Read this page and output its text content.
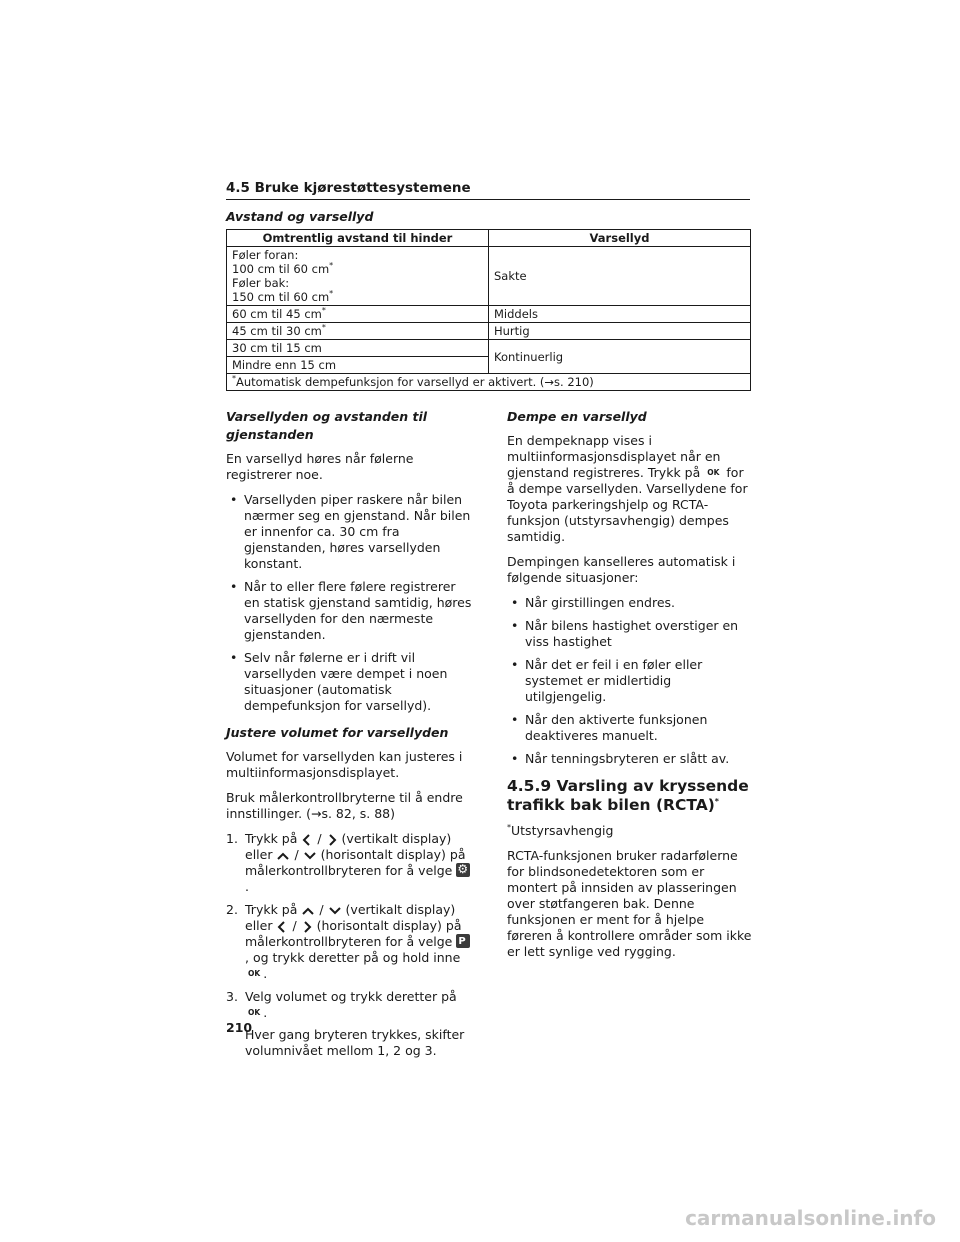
4.5 Bruke kjørestøttesystemene
Avstand og varsellyd
Omtrentlig avstand til hinder	Varsellyd
Føler foran:
100 cm til 60 cm*
Føler bak:
150 cm til 60 cm*	Sakte
60 cm til 45 cm*	Middels
45 cm til 30 cm*	Hurtig
30 cm til 15 cm	Kontinuerlig
Mindre enn 15 cm	
*Automatisk dempefunksjon for varsellyd er aktivert. (→s. 210)	
Varsellyden og avstanden til
gjenstanden

En varsellyd høres når følerne registrerer noe.

• Varsellyden piper raskere når bilen nærmer seg en gjenstand. Når bilen er innenfor ca. 30 cm fra gjenstanden, høres varsellyden konstant.
• Når to eller flere følere registrerer en statisk gjenstand samtidig, høres varsellyden for den nærmeste gjenstanden.
• Selv når følerne er i drift vil varsellyden være dempet i noen situasjoner (automatisk dempefunksjon for varsellyd).
Justere volumet for varsellyden

Volumet for varsellyden kan justeres i multiinformasjonsdisplayet.

Bruk målerkontrollbryterne til å endre innstillinger. (→s. 82, s. 88)

1. Trykk på / (vertikalt display) eller / (horisontalt display) på målerkontrollbryteren for å velge ⚙.
2. Trykk på / (vertikalt display) eller / (horisontalt display) på målerkontrollbryteren for å velge P, og trykk deretter på og hold inne OK .
3. Velg volumet og trykk deretter på OK .
Hver gang bryteren trykkes, skifter volumnivået mellom 1, 2 og 3.
Dempe en varsellyd

En dempeknapp vises i multiinformasjonsdisplayet når en gjenstand registreres. Trykk på OK for å dempe varsellyden. Varsellydene for Toyota parkeringshjelp og RCTA-funksjon (utstyrsavhengig) dempes samtidig.

Dempingen kanselleres automatisk i følgende situasjoner:

• Når girstillingen endres.
• Når bilens hastighet overstiger en viss hastighet
• Når det er feil i en føler eller systemet er midlertidig utilgjengelig.
• Når den aktiverte funksjonen deaktiveres manuelt.
• Når tenningsbryteren er slått av.
4.5.9 Varsling av kryssende trafikk bak bilen (RCTA)*

*Utstyrsavhengig

RCTA-funksjonen bruker radarfølerne for blindsonedetektoren som er montert på innsiden av plasseringen over støtfangeren bak. Denne funksjonen er ment for å hjelpe føreren å kontrollere områder som ikke er lett synlige ved rygging.

210
carmanualsonline.info
